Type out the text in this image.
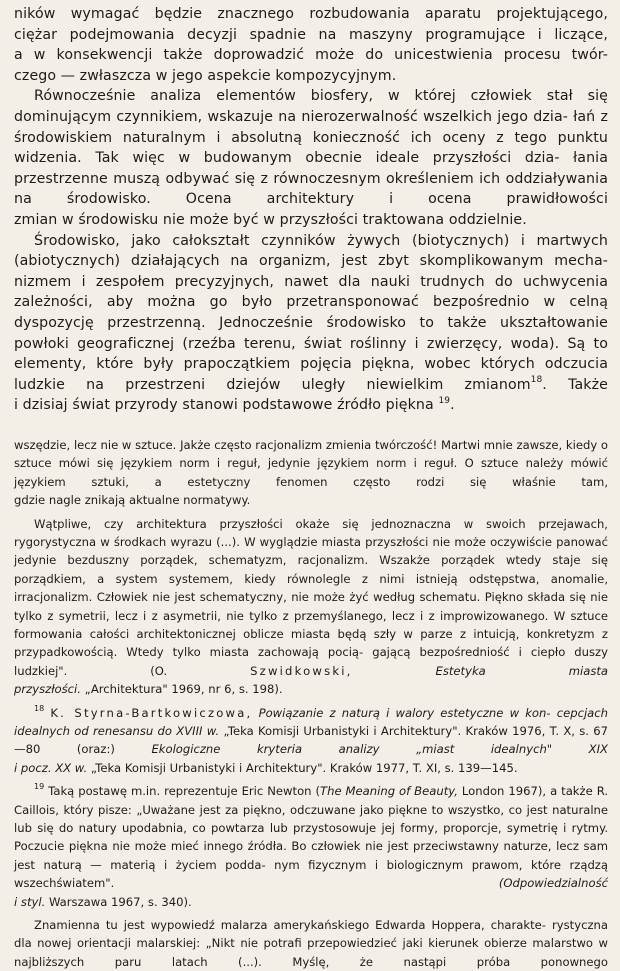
ników wymagać będzie znacznego rozbudowania aparatu projektującego,
ciężar podejmowania decyzji spadnie na maszyny programujące i liczące,
a w konsekwencji także doprowadzić może do unicestwienia procesu twór-

czego — zwłaszcza w jego aspekcie kompozycyjnym.

Równocześnie analiza elementów biosfery, w której człowiek stał się dominującym czynnikiem, wskazuje na nierozerwalność wszelkich jego dzia- łań z środowiskiem naturalnym i absolutną konieczność ich oceny z tego punktu widzenia. Tak więc w budowanym obecnie ideale przyszłości dzia- łania przestrzenne muszą odbywać się z równoczesnym określeniem ich oddziaływania na środowisko. Ocena architektury i ocena prawidłowości

zmian w środowisku nie może być w przyszłości traktowana oddzielnie.

Środowisko, jako całokształt czynników żywych (biotycznych) i martwych (abiotycznych) działających na organizm, jest zbyt skomplikowanym mecha- nizmem i zespołem precyzyjnych, nawet dla nauki trudnych do uchwycenia zależności, aby można go było przetransponować bezpośrednio w celną dyspozycję przestrzenną. Jednocześnie środowisko to także ukształtowanie powłoki geograficznej (rzeźba terenu, świat roślinny i zwierzęcy, woda). Są to elementy, które były prapoczątkiem pojęcia piękna, wobec których odczucia ludzkie na przestrzeni dziejów uległy niewielkim zmianom$^{18}$. Także

i dzisiaj świat przyrody stanowi podstawowe źródło piękna $^{19}$.

wszędzie, lecz nie w sztuce. Jakże często racjonalizm zmienia twórczość! Martwi mnie zawsze, kiedy o sztuce mówi się językiem norm i reguł, jedynie językiem norm i reguł. O sztuce należy mówić językiem sztuki, a estetyczny fenomen często rodzi się właśnie tam,

gdzie nagle znikają aktualne normatywy.

Wątpliwe, czy architektura przyszłości okaże się jednoznaczna w swoich przejawach, rygorystyczna w środkach wyrazu (...). W wyglądzie miasta przyszłości nie może oczywiście panować jedynie bezduszny porządek, schematyzm, racjonalizm. Wszakże porządek wtedy staje się porządkiem, a system systemem, kiedy równolegle z nimi istnieją odstępstwa, anomalie, irracjonalizm. Człowiek nie jest schematyczny, nie może żyć według schematu. Piękno składa się nie tylko z symetrii, lecz i z asymetrii, nie tylko z przemyślanego, lecz i z improwizowanego. W sztuce formowania całości architektonicznej oblicze miasta będą szły w parze z intuicją, konkretyzm z przypadkowością. Wtedy tylko miasta zachowają pocią- gającą bezpośredniość i ciepło duszy ludzkiej". (O.	Szwidkowski,	Estetyka miasta

przyszłości. „Architektura" 1969, nr 6, s. 198).

$^{18}$ K. Styrna-Bartkowiczowa, Powiązanie z naturą i walory estetyczne w kon- cepcjach idealnych od renesansu do XVIII w. „Teka Komisji Urbanistyki i Architektury". Kraków 1976, T. X, s. 67—80 (oraz:)	Ekologiczne kryteria analizy „miast idealnych" XIX

i pocz. XX w. „Teka Komisji Urbanistyki i Architektury". Kraków 1977, T. XI, s. 139—145.

$^{19}$ Taką postawę m.in. reprezentuje Eric Newton (The Meaning of Beauty, London 1967), a także R. Caillois, który pisze: „Uważane jest za piękno, odczuwane jako piękne to wszystko, co jest naturalne lub się do natury upodabnia, co powtarza lub przystosowuje jej formy, proporcje, symetrię i rytmy. Poczucie piękna nie może mieć innego źródła. Bo człowiek nie jest przeciwstawny naturze, lecz sam jest naturą — materią i życiem podda- nym fizycznym i biologicznym prawom, które rządzą wszechświatem".	(Odpowiedzialność

i styl. Warszawa 1967, s. 340).

Znamienna tu jest wypowiedź malarza amerykańskiego Edwarda Hoppera, charakte- rystyczna dla nowej orientacji malarskiej: „Nikt nie potrafi przepowiedzieć jaki kierunek obierze malarstwo w najbliższych paru latach (...). Myślę, że nastąpi próba ponownego
